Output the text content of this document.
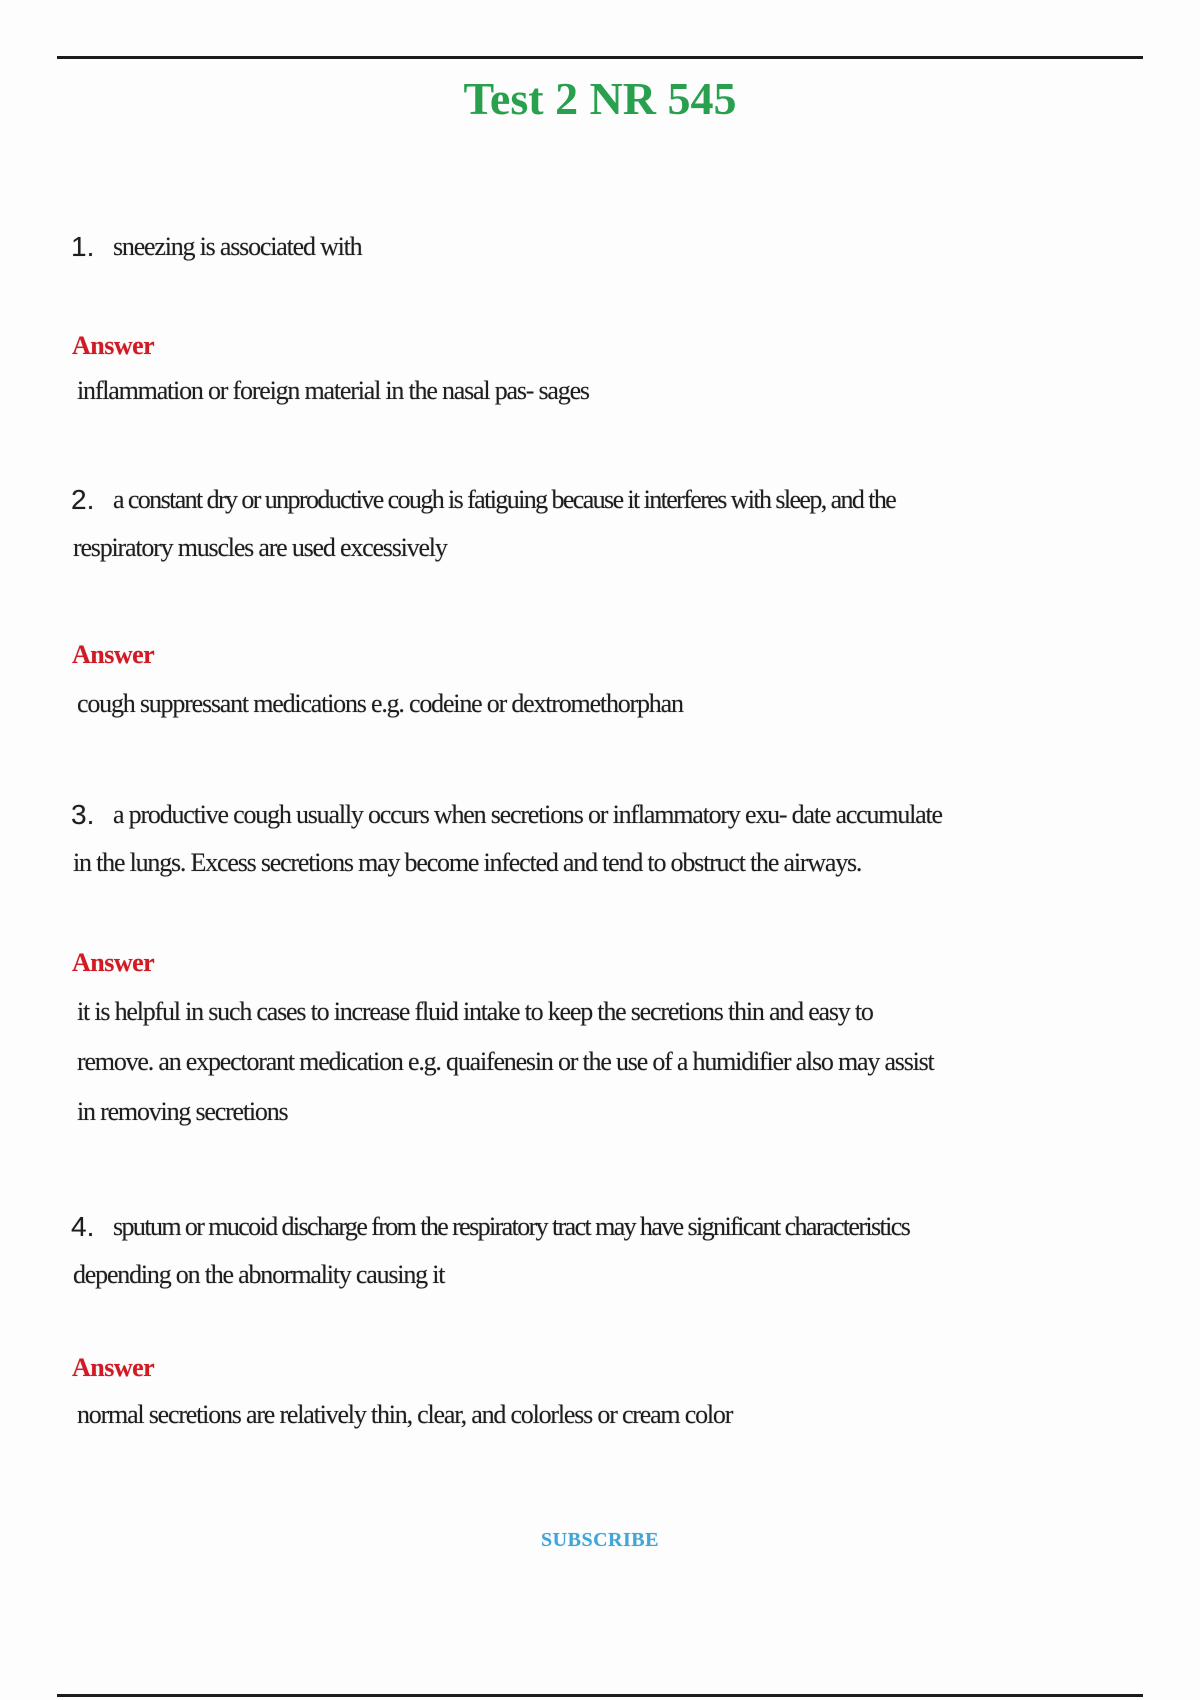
Test 2 NR 545
1. sneezing is associated with
Answer
inflammation or foreign material in the nasal pas- sages
2. a constant dry or unproductive cough is fatiguing because it interferes with sleep, and the
respiratory muscles are used excessively
Answer
cough suppressant medications e.g. codeine or dextromethorphan
3. a productive cough usually occurs when secretions or inflammatory exu- date accumulate
in the lungs. Excess secretions may become infected and tend to obstruct the airways.
Answer
it is helpful in such cases to increase fluid intake to keep the secretions thin and easy to
remove. an expectorant medication e.g. quaifenesin or the use of a humidifier also may assist
in removing secretions
4. sputum or mucoid discharge from the respiratory tract may have significant characteristics
depending on the abnormality causing it
Answer
normal secretions are relatively thin, clear, and colorless or cream color
SUBSCRIBE
